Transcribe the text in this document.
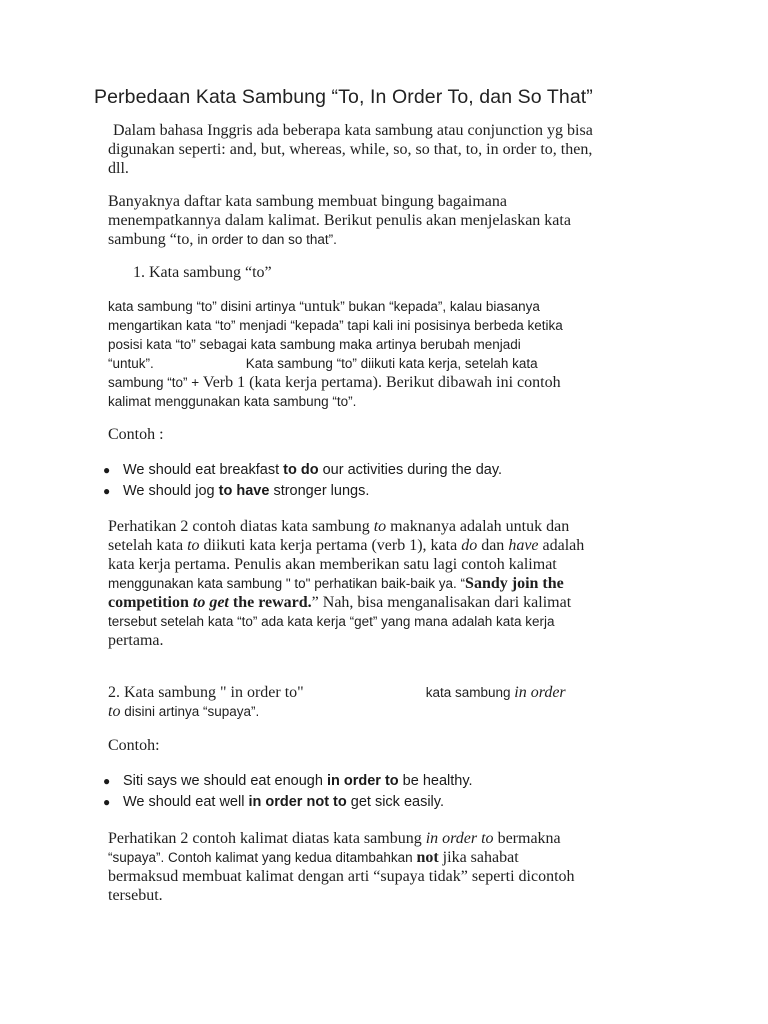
Perbedaan Kata Sambung “To, In Order To, dan So That”
Dalam bahasa Inggris ada beberapa kata sambung atau conjunction yg bisa
digunakan seperti: and, but, whereas, while, so, so that, to, in order to, then,
dll.
Banyaknya daftar kata sambung membuat bingung bagaimana
menempatkannya dalam kalimat. Berikut penulis akan menjelaskan kata
sambung “to, in order to dan so that”.
1. Kata sambung “to”
kata sambung “to” disini artinya “untuk” bukan “kepada”, kalau biasanya
mengartikan kata “to” menjadi “kepada” tapi kali ini posisinya berbeda ketika
posisi kata “to” sebagai kata sambung maka artinya berubah menjadi
“untuk”.	Kata sambung “to” diikuti kata kerja, setelah kata
sambung “to” + Verb 1 (kata kerja pertama). Berikut dibawah ini contoh
kalimat menggunakan kata sambung “to”.
Contoh :
● We should eat breakfast to do our activities during the day.
● We should jog to have stronger lungs.
Perhatikan 2 contoh diatas kata sambung to maknanya adalah untuk dan
setelah kata to diikuti kata kerja pertama (verb 1), kata do dan have adalah
kata kerja pertama. Penulis akan memberikan satu lagi contoh kalimat
menggunakan kata sambung " to" perhatikan baik-baik ya. “Sandy join the
competition to get the reward.” Nah, bisa menganalisakan dari kalimat
tersebut setelah kata “to” ada kata kerja “get” yang mana adalah kata kerja
pertama.
2. Kata sambung " in order to"	kata sambung in order
to disini artinya “supaya”.
Contoh:
● Siti says we should eat enough in order to be healthy.
● We should eat well in order not to get sick easily.
Perhatikan 2 contoh kalimat diatas kata sambung in order to bermakna
“supaya”. Contoh kalimat yang kedua ditambahkan not jika sahabat
bermaksud membuat kalimat dengan arti “supaya tidak” seperti dicontoh
tersebut.
